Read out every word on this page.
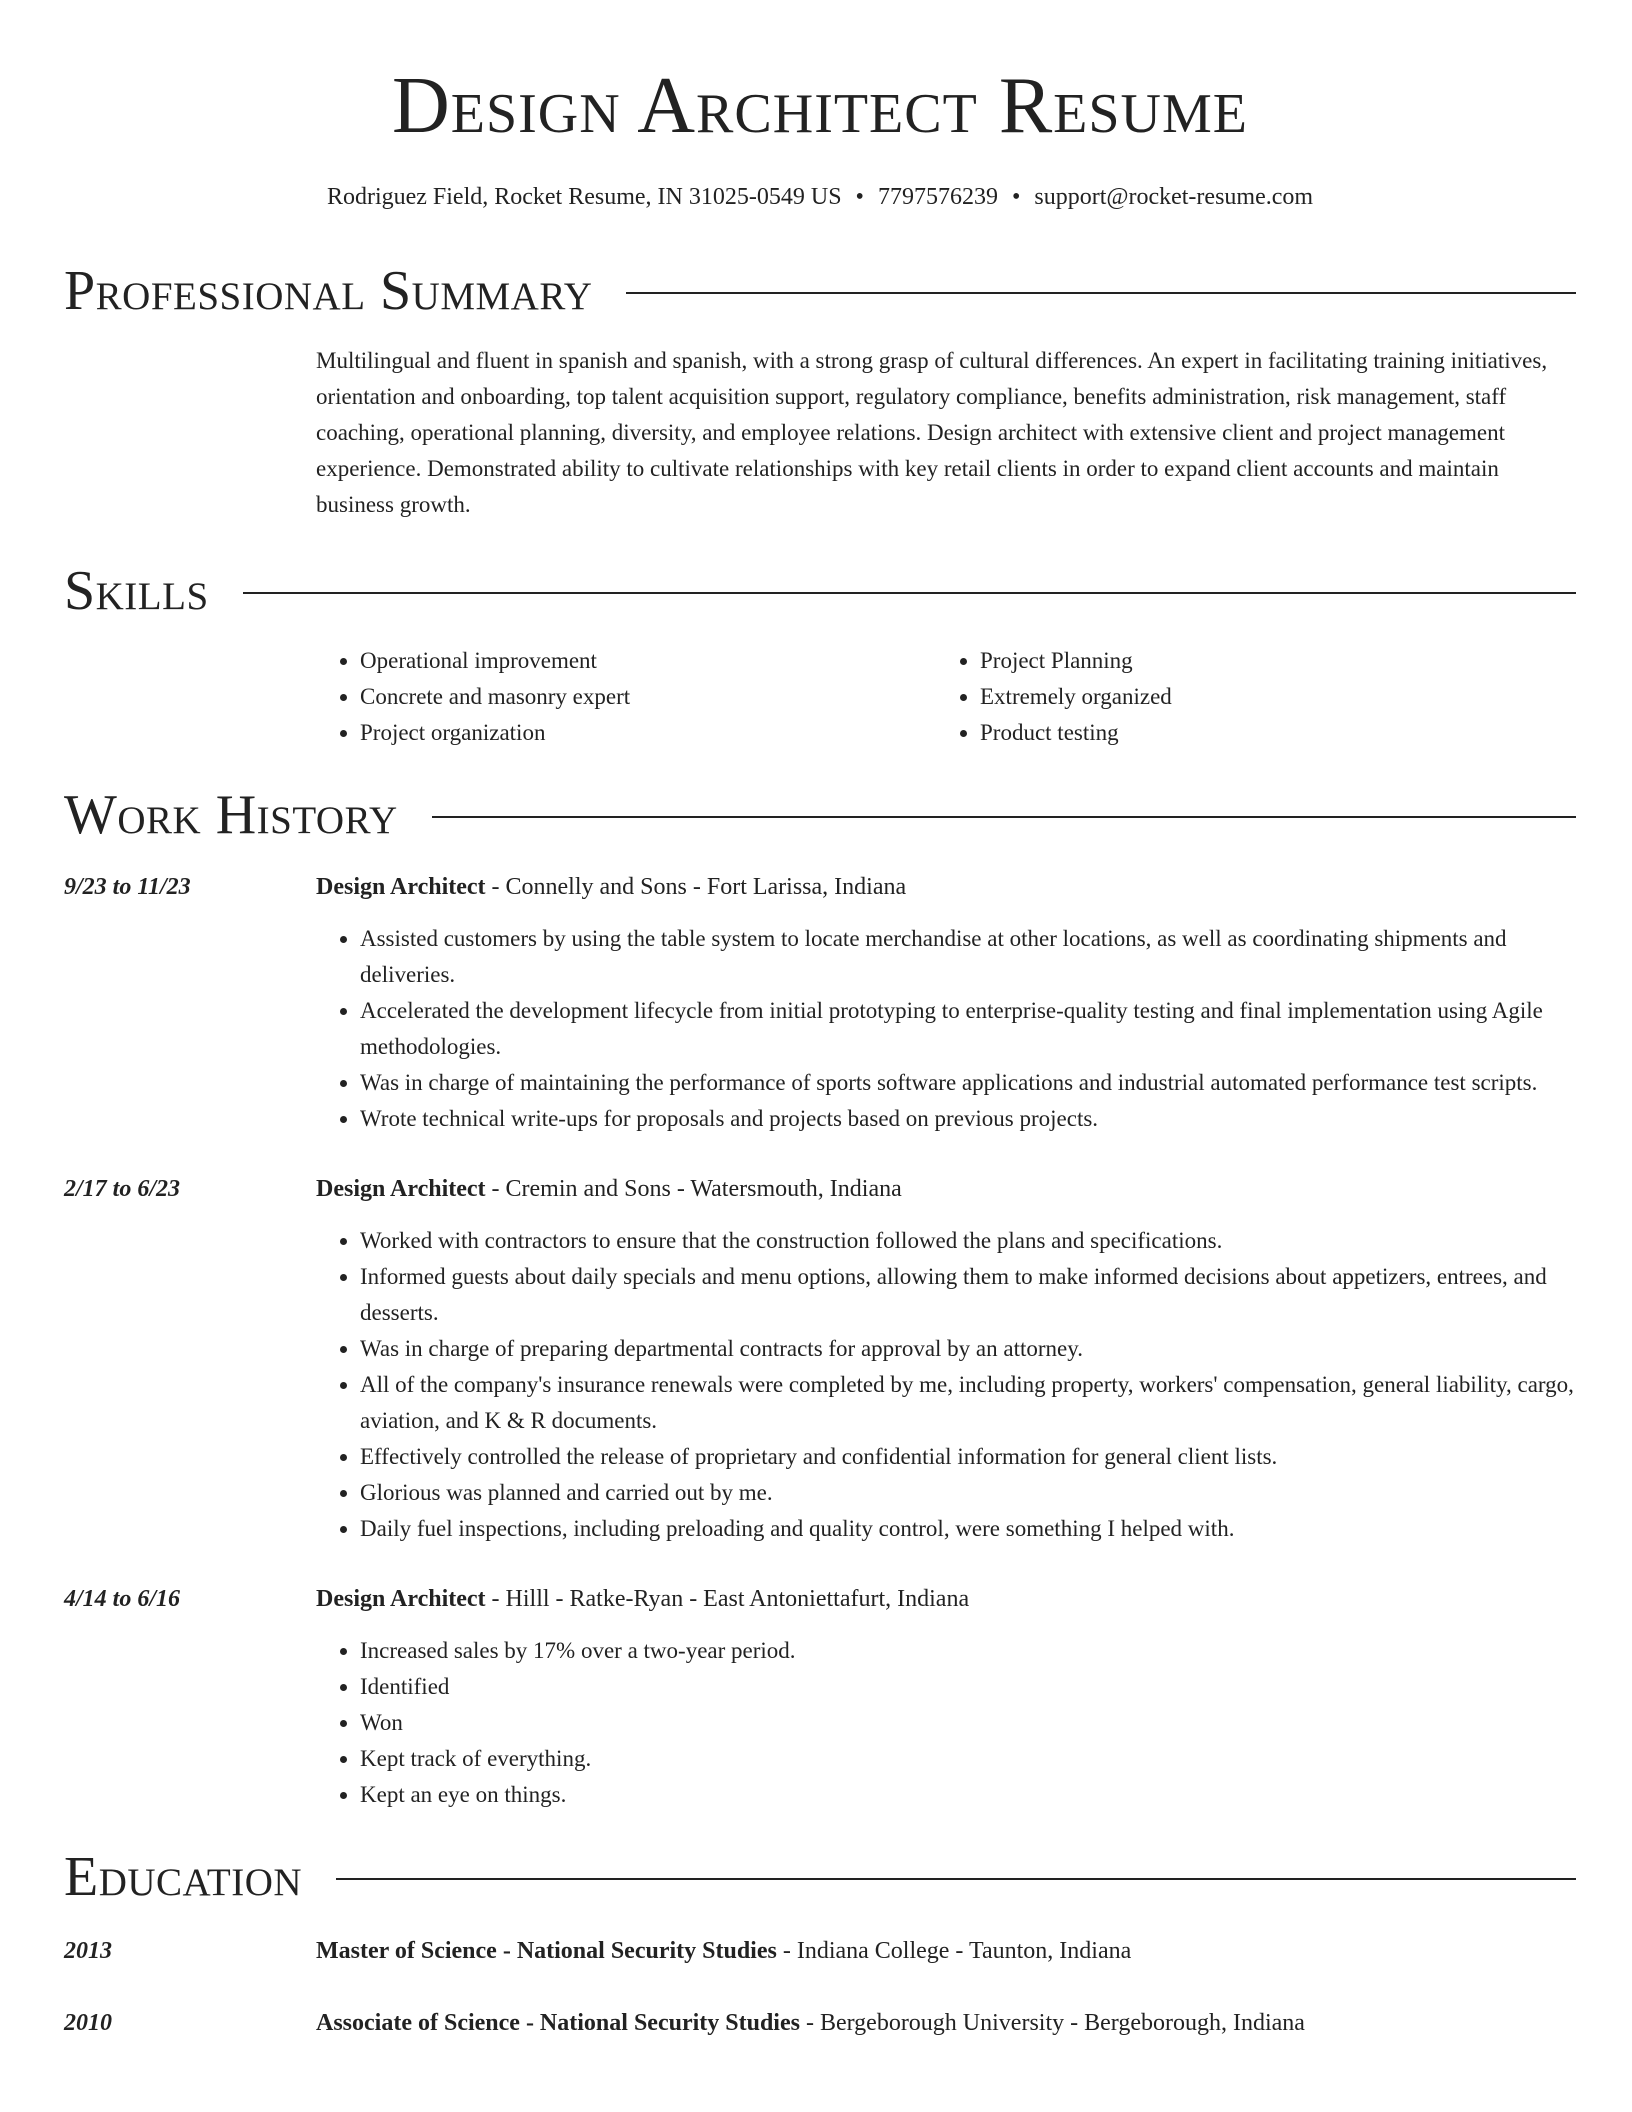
Design Architect Resume
Rodriguez Field, Rocket Resume, IN 31025-0549 US • 7797576239 • support@rocket-resume.com
Professional Summary
Multilingual and fluent in spanish and spanish, with a strong grasp of cultural differences. An expert in facilitating training initiatives, orientation and onboarding, top talent acquisition support, regulatory compliance, benefits administration, risk management, staff coaching, operational planning, diversity, and employee relations. Design architect with extensive client and project management experience. Demonstrated ability to cultivate relationships with key retail clients in order to expand client accounts and maintain business growth.
Skills
• Operational improvement
• Concrete and masonry expert
• Project organization
• Project Planning
• Extremely organized
• Product testing
Work History
9/23 to 11/23	Design Architect - Connelly and Sons - Fort Larissa, Indiana
• Assisted customers by using the table system to locate merchandise at other locations, as well as coordinating shipments and deliveries.
• Accelerated the development lifecycle from initial prototyping to enterprise-quality testing and final implementation using Agile methodologies.
• Was in charge of maintaining the performance of sports software applications and industrial automated performance test scripts.
• Wrote technical write-ups for proposals and projects based on previous projects.
2/17 to 6/23	Design Architect - Cremin and Sons - Watersmouth, Indiana
• Worked with contractors to ensure that the construction followed the plans and specifications.
• Informed guests about daily specials and menu options, allowing them to make informed decisions about appetizers, entrees, and desserts.
• Was in charge of preparing departmental contracts for approval by an attorney.
• All of the company's insurance renewals were completed by me, including property, workers' compensation, general liability, cargo, aviation, and K & R documents.
• Effectively controlled the release of proprietary and confidential information for general client lists.
• Glorious was planned and carried out by me.
• Daily fuel inspections, including preloading and quality control, were something I helped with.
4/14 to 6/16	Design Architect - Hilll - Ratke-Ryan - East Antoniettafurt, Indiana
• Increased sales by 17% over a two-year period.
• Identified
• Won
• Kept track of everything.
• Kept an eye on things.
Education
2013	Master of Science - National Security Studies - Indiana College - Taunton, Indiana
2010	Associate of Science - National Security Studies - Bergeborough University - Bergeborough, Indiana
